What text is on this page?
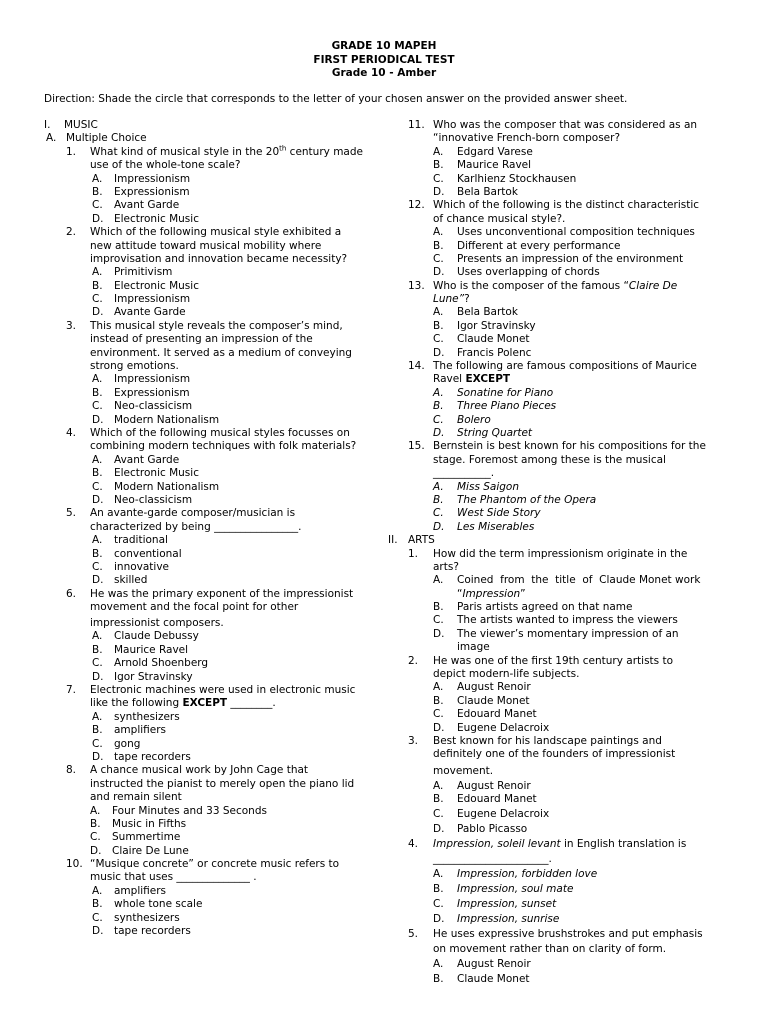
GRADE 10 MAPEH
FIRST PERIODICAL TEST
Grade 10 - Amber
Direction: Shade the circle that corresponds to the letter of your chosen answer on the provided answer sheet.
I. MUSIC
A. Multiple Choice
1. What kind of musical style in the 20th century made
use of the whole-tone scale?
A. Impressionism
B. Expressionism
C. Avant Garde
D. Electronic Music
2. Which of the following musical style exhibited a
new attitude toward musical mobility where
improvisation and innovation became necessity?
A. Primitivism
B. Electronic Music
C. Impressionism
D. Avante Garde
3. This musical style reveals the composer’s mind,
instead of presenting an impression of the
environment. It served as a medium of conveying
strong emotions.
A. Impressionism
B. Expressionism
C. Neo-classicism
D. Modern Nationalism
4. Which of the following musical styles focusses on
combining modern techniques with folk materials?
A. Avant Garde
B. Electronic Music
C. Modern Nationalism
D. Neo-classicism
5. An avante-garde composer/musician is
characterized by being ________________.
A. traditional
B. conventional
C. innovative
D. skilled
6. He was the primary exponent of the impressionist
movement and the focal point for other
impressionist composers.
A. Claude Debussy
B. Maurice Ravel
C. Arnold Shoenberg
D. Igor Stravinsky
7. Electronic machines were used in electronic music
like the following EXCEPT ________.
A. synthesizers
B. amplifiers
C. gong
D. tape recorders
8. A chance musical work by John Cage that
instructed the pianist to merely open the piano lid
and remain silent
A. Four Minutes and 33 Seconds
B. Music in Fifths
C. Summertime
D. Claire De Lune
10. “Musique concrete” or concrete music refers to
music that uses ______________ .
A. amplifiers
B. whole tone scale
C. synthesizers
D. tape recorders
11. Who was the composer that was considered as an
“innovative French-born composer?
A. Edgard Varese
B. Maurice Ravel
C. Karlhienz Stockhausen
D. Bela Bartok
12. Which of the following is the distinct characteristic
of chance musical style?.
A. Uses unconventional composition techniques
B. Different at every performance
C. Presents an impression of the environment
D. Uses overlapping of chords
13. Who is the composer of the famous “Claire De
Lune”?
A. Bela Bartok
B. Igor Stravinsky
C. Claude Monet
D. Francis Polenc
14. The following are famous compositions of Maurice
Ravel EXCEPT
A. Sonatine for Piano
B. Three Piano Pieces
C. Bolero
D. String Quartet
15. Bernstein is best known for his compositions for the
stage. Foremost among these is the musical
___________.
A. Miss Saigon
B. The Phantom of the Opera
C. West Side Story
D. Les Miserables
II. ARTS
1. How did the term impressionism originate in the
arts?
A. Coined  from  the  title  of  Claude Monet work
“Impression”
B. Paris artists agreed on that name
C. The artists wanted to impress the viewers
D. The viewer’s momentary impression of an
image
2. He was one of the first 19th century artists to
depict modern-life subjects.
A. August Renoir
B. Claude Monet
C. Edouard Manet
D. Eugene Delacroix
3. Best known for his landscape paintings and
definitely one of the founders of impressionist
movement.
A. August Renoir
B. Edouard Manet
C. Eugene Delacroix
D. Pablo Picasso
4. Impression, soleil levant in English translation is
______________________.
A. Impression, forbidden love
B. Impression, soul mate
C. Impression, sunset
D. Impression, sunrise
5. He uses expressive brushstrokes and put emphasis
on movement rather than on clarity of form.
A. August Renoir
B. Claude Monet
